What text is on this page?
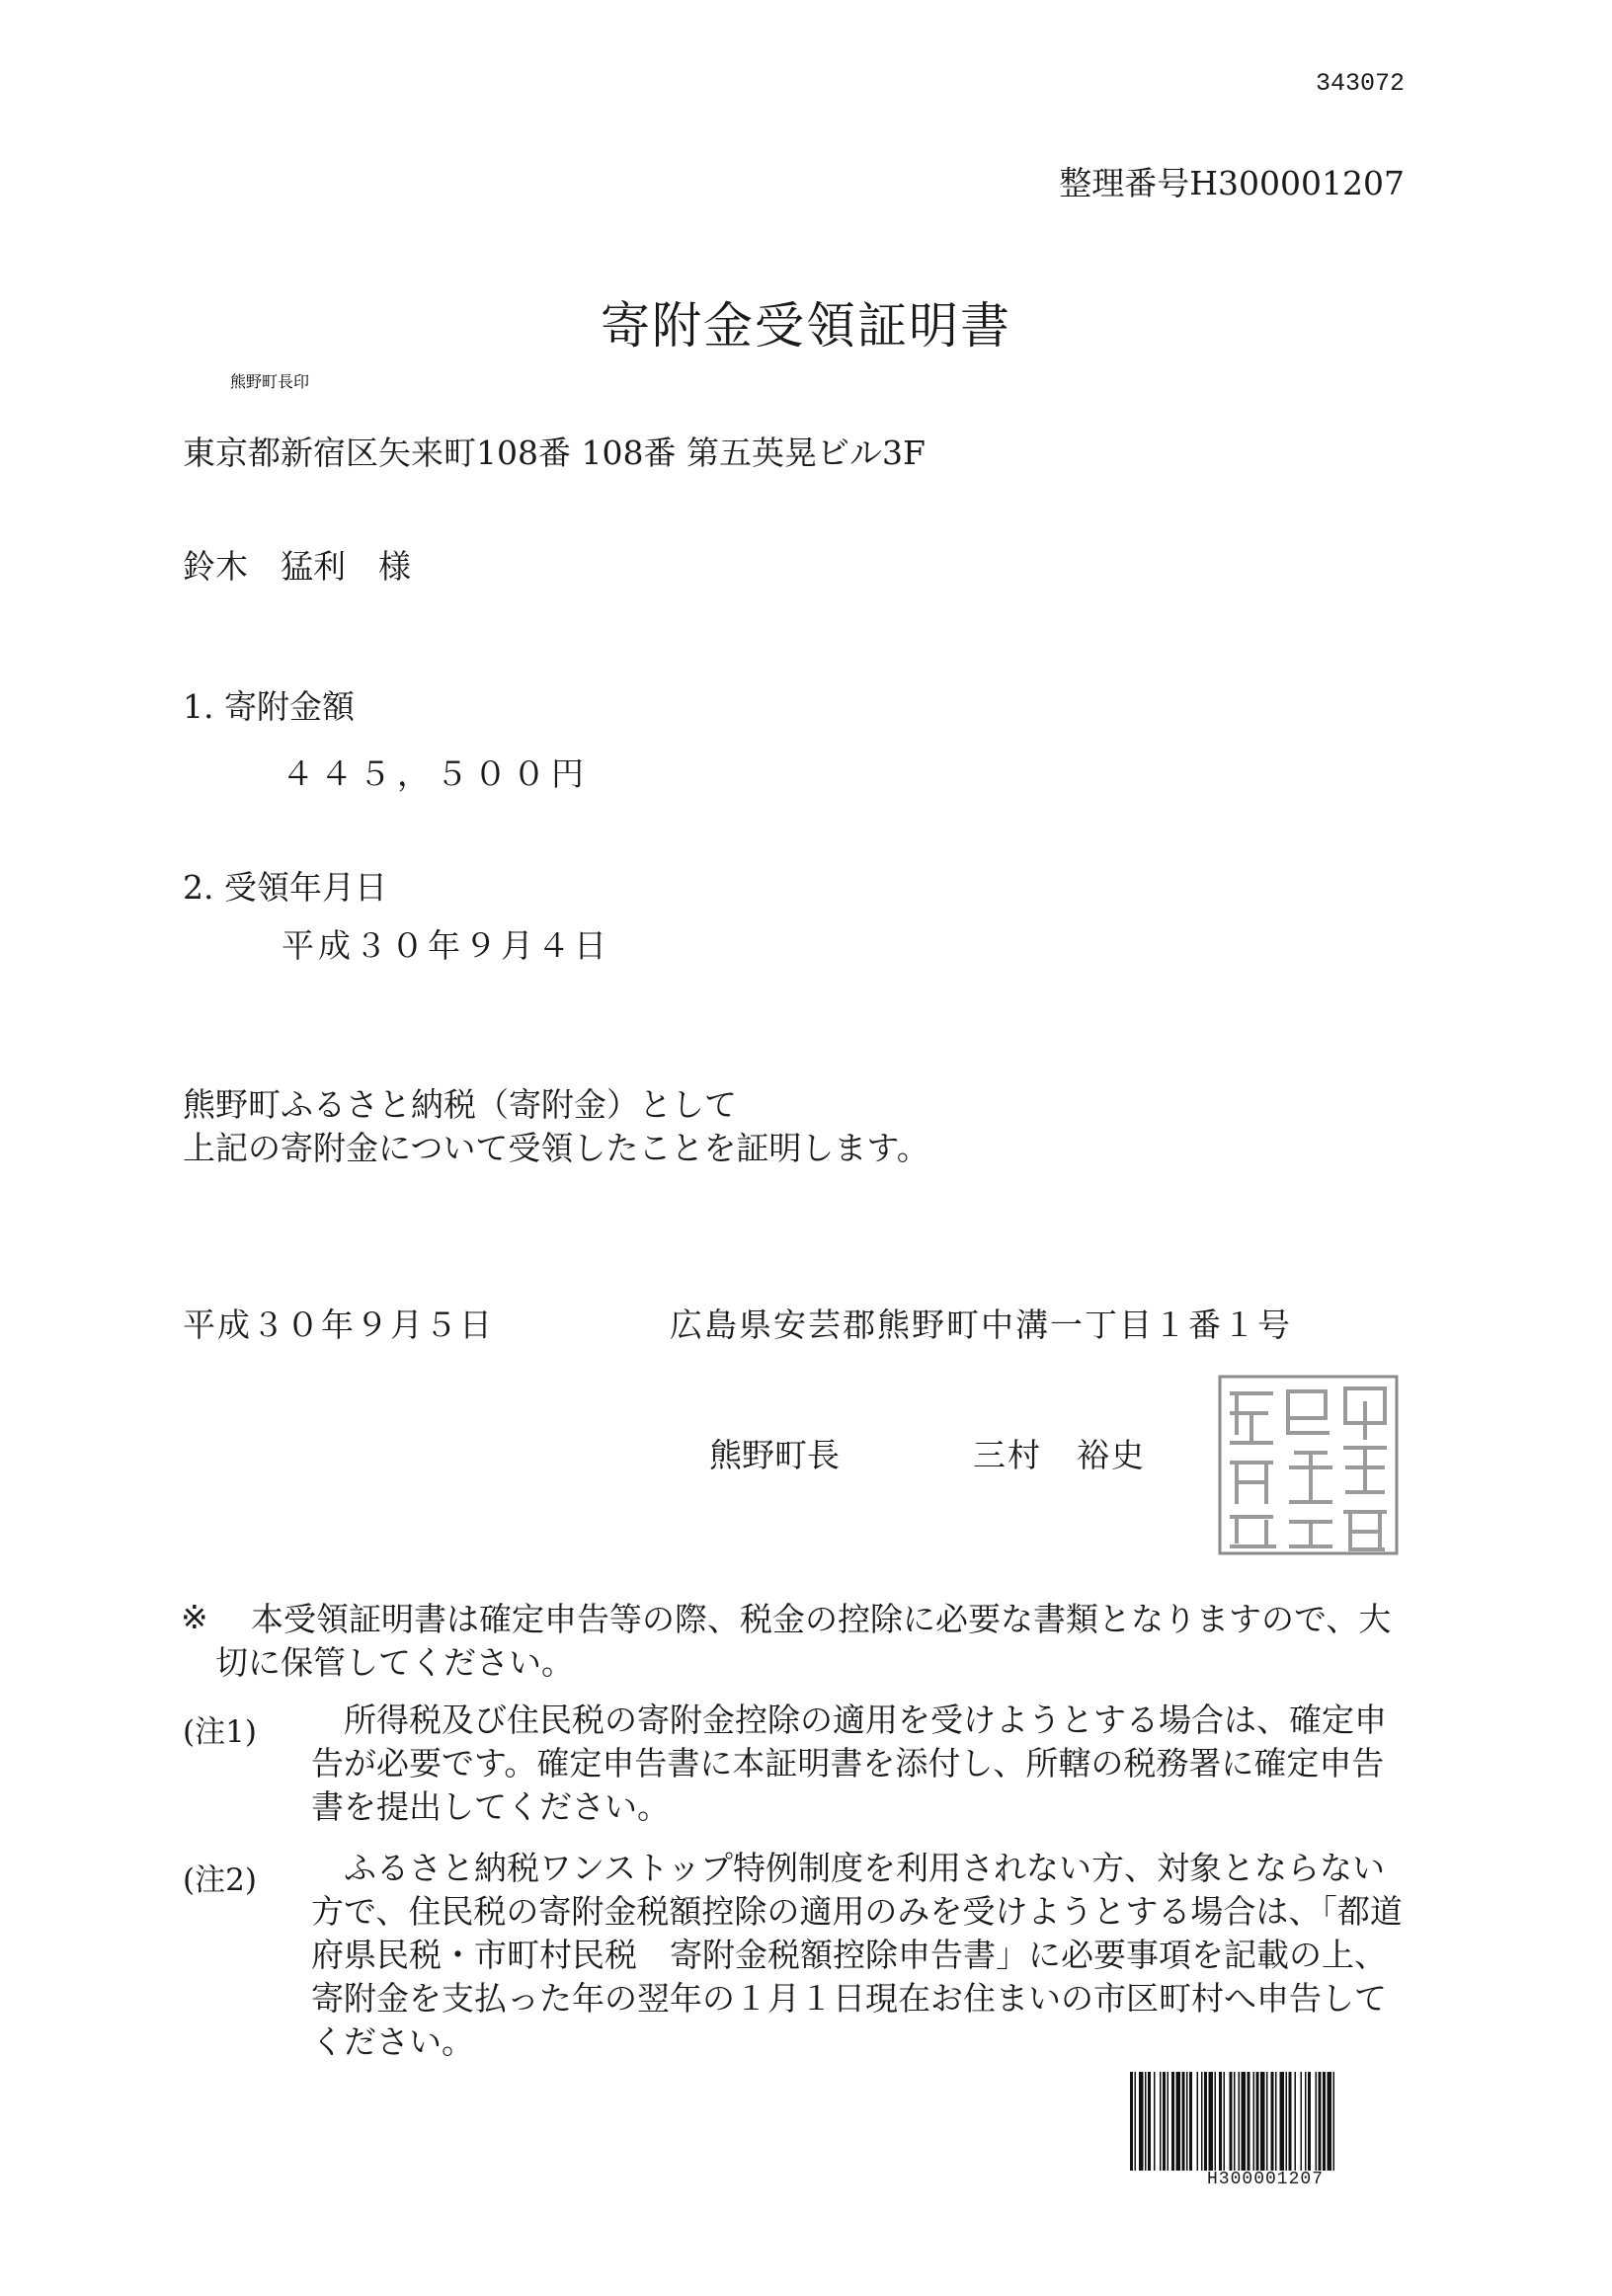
343072
整理番号H300001207
寄附金受領証明書
東京都新宿区矢来町108番 108番 第五英晃ビル3F
鈴木　猛利　様
1. 寄附金額
４４５，５００円
2. 受領年月日
平成３０年９月４日
熊野町ふるさと納税（寄附金）として
上記の寄附金について受領したことを証明します。
平成３０年９月５日	広島県安芸郡熊野町中溝一丁目１番１号
熊野町長	三村　裕史
熊野町長印
※	本受領証明書は確定申告等の際、税金の控除に必要な書類となりますので、大切に保管してください。
(注1)	所得税及び住民税の寄附金控除の適用を受けようとする場合は、確定申告が必要です。確定申告書に本証明書を添付し、所轄の税務署に確定申告書を提出してください。
(注2)	ふるさと納税ワンストップ特例制度を利用されない方、対象とならない方で、住民税の寄附金税額控除の適用のみを受けようとする場合は、「都道府県民税・市町村民税　寄附金税額控除申告書」に必要事項を記載の上、寄附金を支払った年の翌年の１月１日現在お住まいの市区町村へ申告してください。
H300001207
